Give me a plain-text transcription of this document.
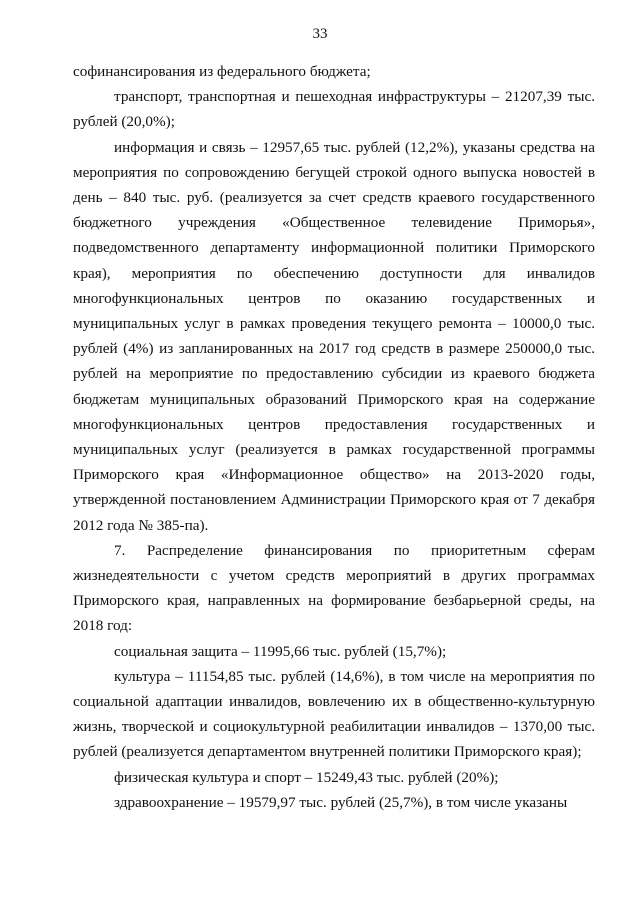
33

софинансирования из федерального бюджета;

транспорт, транспортная и пешеходная инфраструктуры – 21207,39 тыс. рублей (20,0%);

информация и связь – 12957,65 тыс. рублей (12,2%), указаны средства на мероприятия по сопровождению бегущей строкой одного выпуска новостей в день – 840 тыс. руб. (реализуется за счет средств краевого государственного бюджетного учреждения «Общественное телевидение Приморья», подведомственного департаменту информационной политики Приморского края), мероприятия по обеспечению доступности для инвалидов многофункциональных центров по оказанию государственных и муниципальных услуг в рамках проведения текущего ремонта – 10000,0 тыс. рублей (4%) из запланированных на 2017 год средств в размере 250000,0 тыс. рублей на мероприятие по предоставлению субсидии из краевого бюджета бюджетам муниципальных образований Приморского края на содержание многофункциональных центров предоставления государственных и муниципальных услуг (реализуется в рамках государственной программы Приморского края «Информационное общество» на 2013-2020 годы, утвержденной постановлением Администрации Приморского края от 7 декабря 2012 года № 385-па).

7. Распределение финансирования по приоритетным сферам жизнедеятельности с учетом средств мероприятий в других программах Приморского края, направленных на формирование безбарьерной среды, на 2018 год:

социальная защита – 11995,66 тыс. рублей (15,7%);

культура – 11154,85 тыс. рублей (14,6%), в том числе на мероприятия по социальной адаптации инвалидов, вовлечению их в общественно-культурную жизнь, творческой и социокультурной реабилитации инвалидов – 1370,00 тыс. рублей (реализуется департаментом внутренней политики Приморского края);

физическая культура и спорт – 15249,43 тыс. рублей (20%);

здравоохранение – 19579,97 тыс. рублей (25,7%), в том числе указаны
